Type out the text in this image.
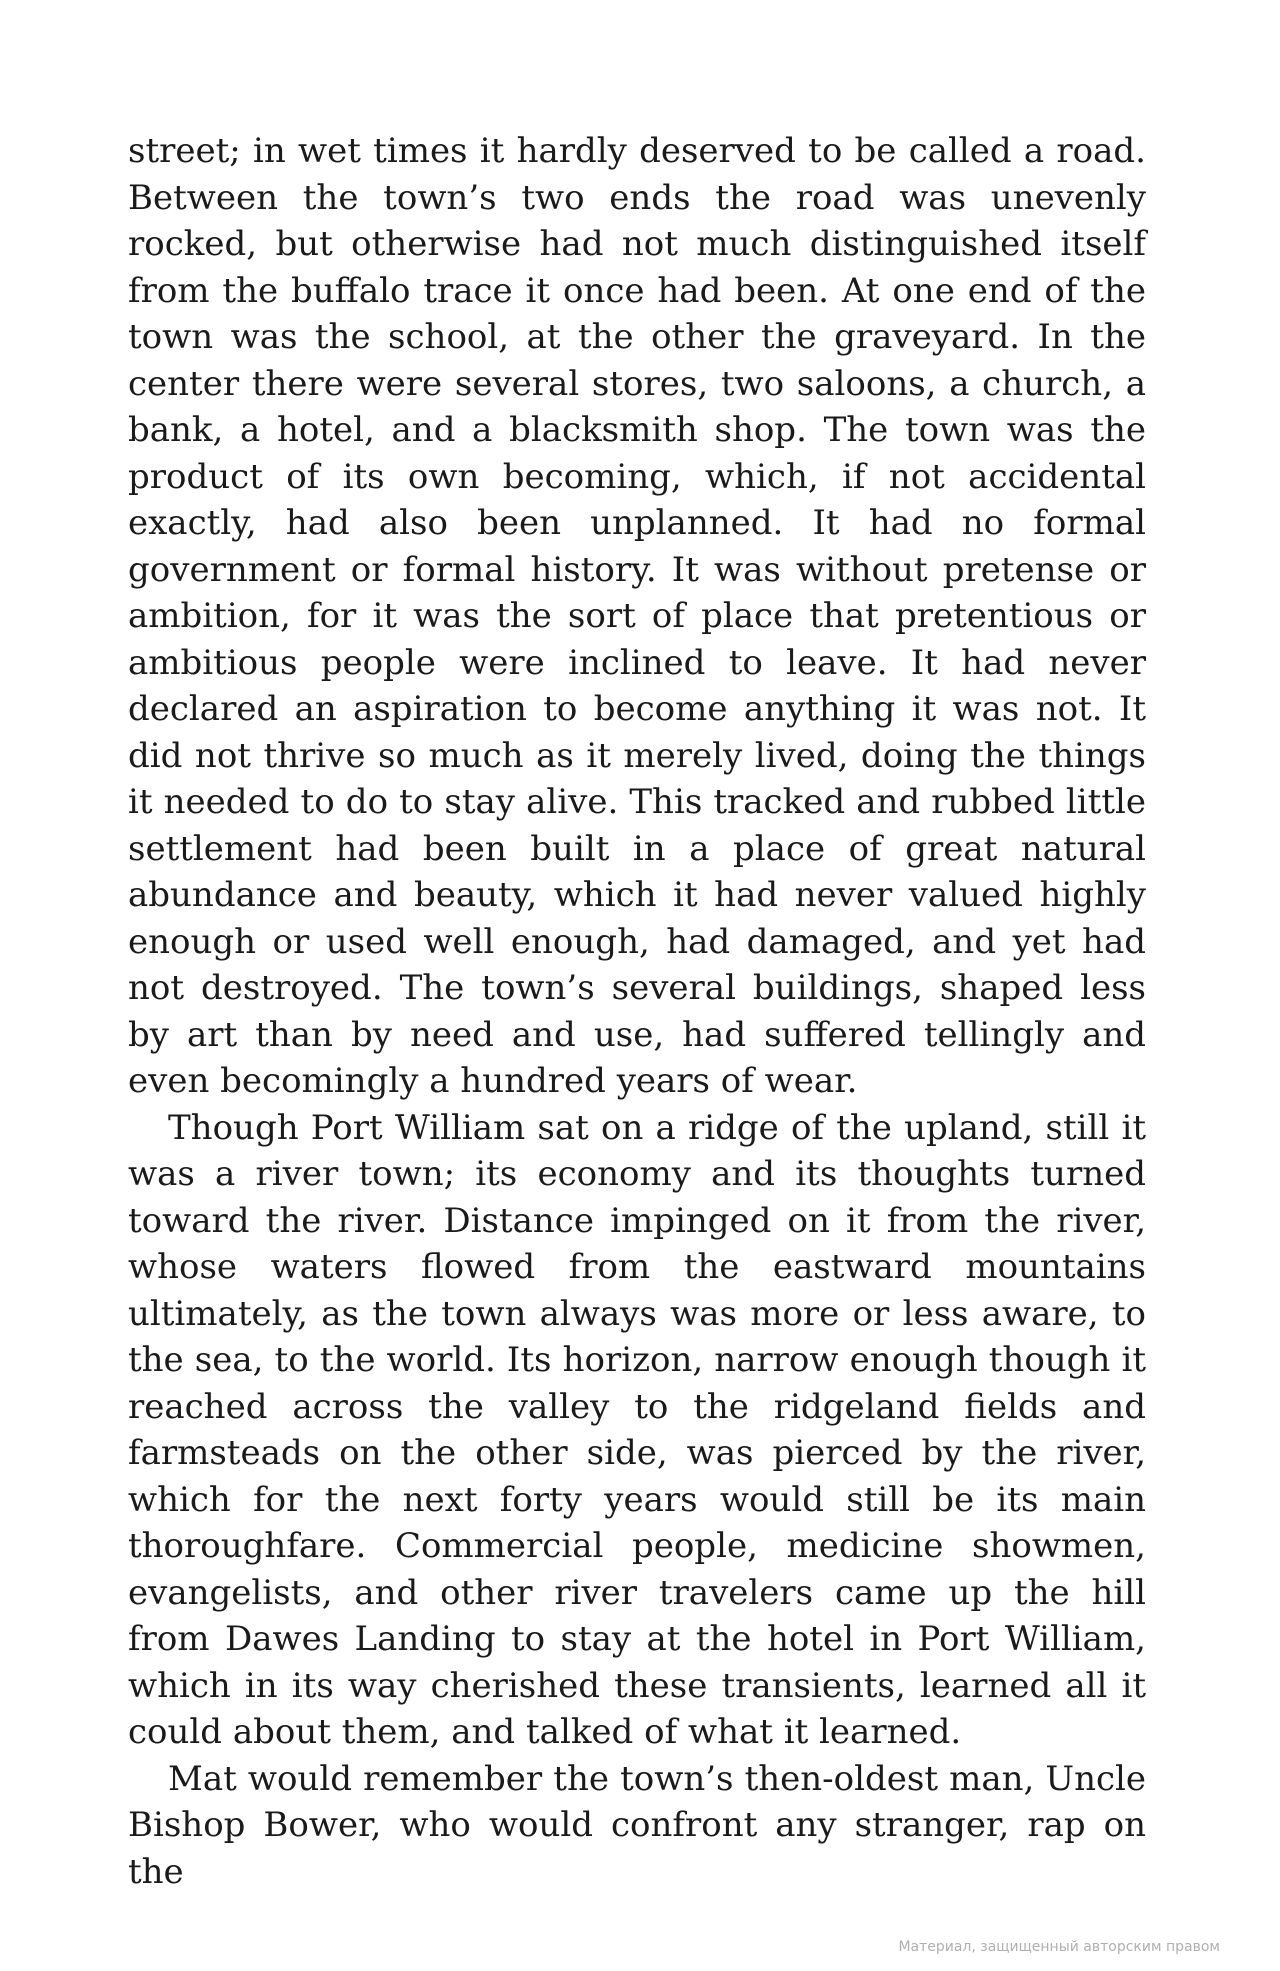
street; in wet times it hardly deserved to be called a road. Between the town’s two ends the road was unevenly rocked, but otherwise had not much distinguished itself from the buffalo trace it once had been. At one end of the town was the school, at the other the graveyard. In the center there were several stores, two saloons, a church, a bank, a hotel, and a blacksmith shop. The town was the product of its own becoming, which, if not accidental exactly, had also been unplanned. It had no formal government or formal history. It was without pretense or ambition, for it was the sort of place that pretentious or ambitious people were inclined to leave. It had never declared an aspiration to become anything it was not. It did not thrive so much as it merely lived, doing the things it needed to do to stay alive. This tracked and rubbed little settlement had been built in a place of great natural abundance and beauty, which it had never valued highly enough or used well enough, had damaged, and yet had not destroyed. The town’s several buildings, shaped less by art than by need and use, had suffered tellingly and even becomingly a hundred years of wear.

Though Port William sat on a ridge of the upland, still it was a river town; its economy and its thoughts turned toward the river. Distance impinged on it from the river, whose waters flowed from the eastward mountains ultimately, as the town always was more or less aware, to the sea, to the world. Its horizon, narrow enough though it reached across the valley to the ridgeland fields and farmsteads on the other side, was pierced by the river, which for the next forty years would still be its main thoroughfare. Commercial people, medicine showmen, evangelists, and other river travelers came up the hill from Dawes Landing to stay at the hotel in Port William, which in its way cherished these transients, learned all it could about them, and talked of what it learned.

Mat would remember the town’s then-oldest man, Uncle Bishop Bower, who would confront any stranger, rap on the

Материал, защищенный авторским правом
